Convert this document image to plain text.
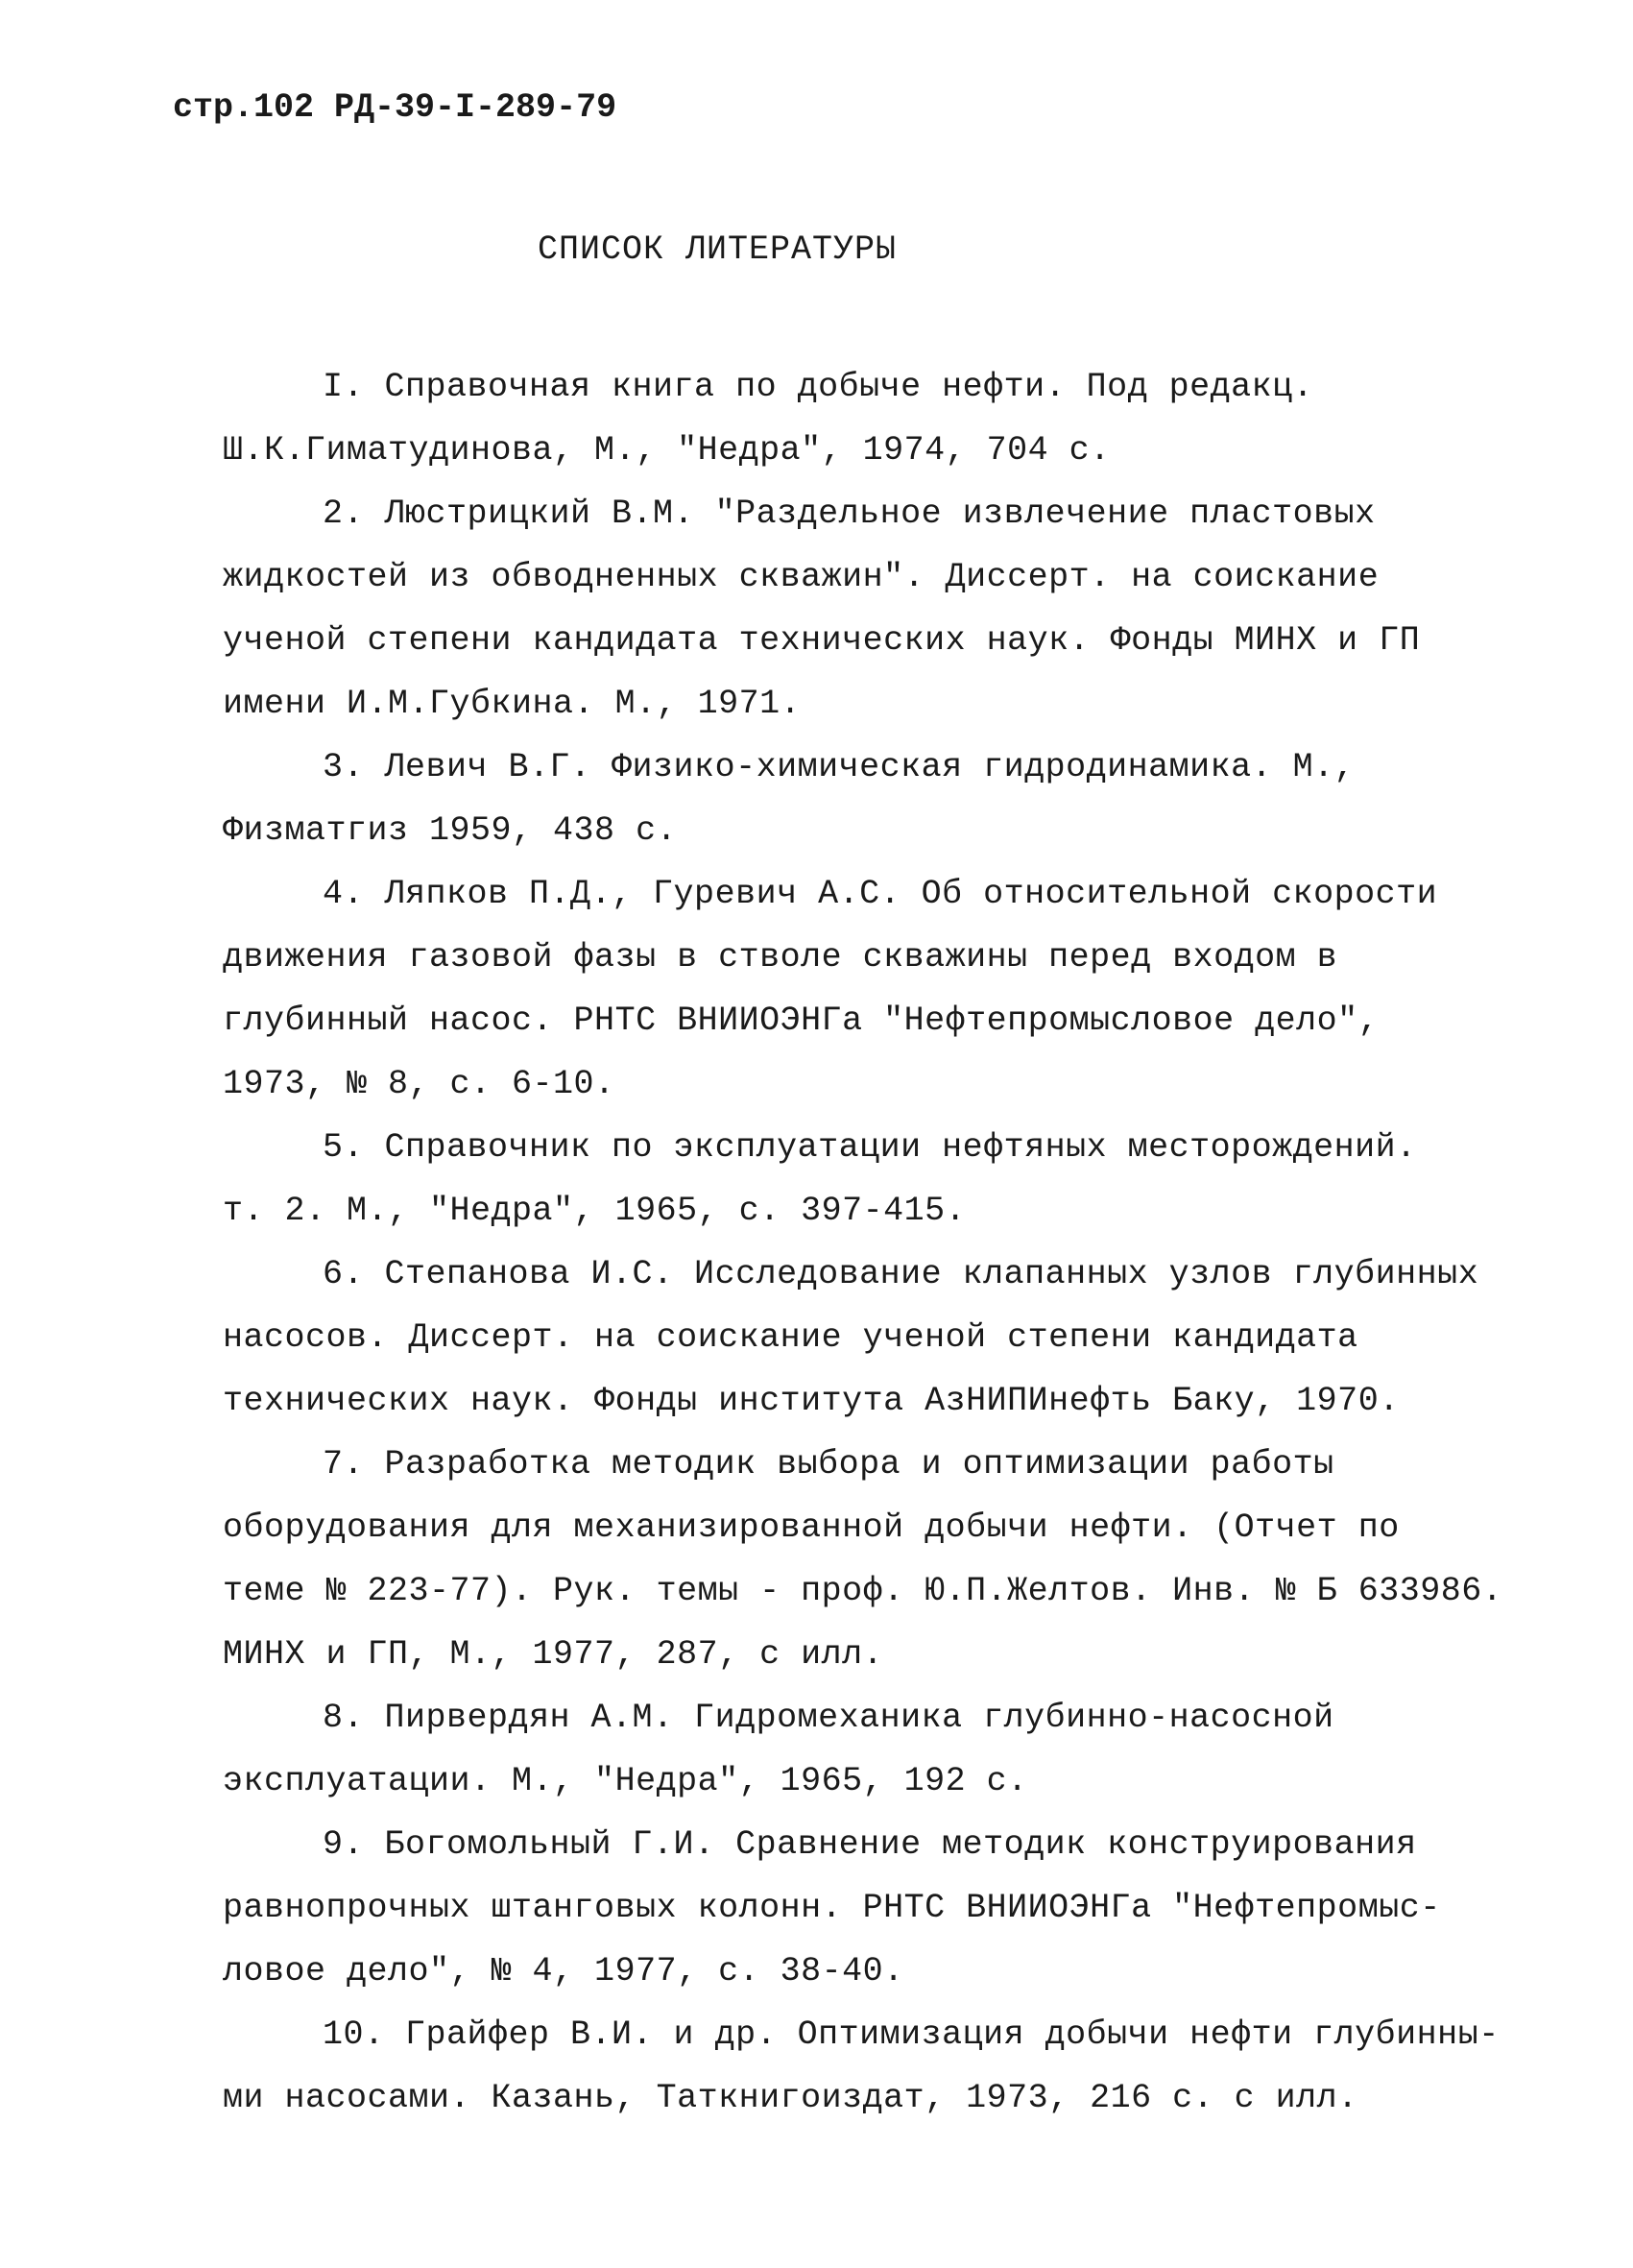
стр.102 РД-39-I-289-79
СПИСОК ЛИТЕРАТУРЫ
I. Справочная книга по добыче нефти. Под редакц.
Ш.К.Гиматудинова, М., "Недра", 1974, 704 с.
2. Люстрицкий В.М. "Раздельное извлечение пластовых
жидкостей из обводненных скважин". Диссерт. на соискание
ученой степени кандидата технических наук. Фонды МИНХ и ГП
имени И.М.Губкина. М., 1971.
3. Левич В.Г. Физико-химическая гидродинамика. М.,
Физматгиз 1959, 438 с.
4. Ляпков П.Д., Гуревич А.С. Об относительной скорости
движения газовой фазы в стволе скважины перед входом в
глубинный насос. РНТС ВНИИОЭНГа "Нефтепромысловое дело",
1973, № 8, с. 6-10.
5. Справочник по эксплуатации нефтяных месторождений.
т. 2. М., "Недра", 1965, с. 397-415.
6. Степанова И.С. Исследование клапанных узлов глубинных
насосов. Диссерт. на соискание ученой степени кандидата
технических наук. Фонды института АзНИПИнефть Баку, 1970.
7. Разработка методик выбора и оптимизации работы
оборудования для механизированной добычи нефти. (Отчет по
теме № 223-77). Рук. темы - проф. Ю.П.Желтов. Инв. № Б 633986.
МИНХ и ГП, М., 1977, 287, с илл.
8. Пирвердян А.М. Гидромеханика глубинно-насосной
эксплуатации. М., "Недра", 1965, 192 с.
9. Богомольный Г.И. Сравнение методик конструирования
равнопрочных штанговых колонн. РНТС ВНИИОЭНГа "Нефтепромыс-
ловое дело", № 4, 1977, с. 38-40.
10. Грайфер В.И. и др. Оптимизация добычи нефти глубинны-
ми насосами. Казань, Таткнигоиздат, 1973, 216 с. с илл.
